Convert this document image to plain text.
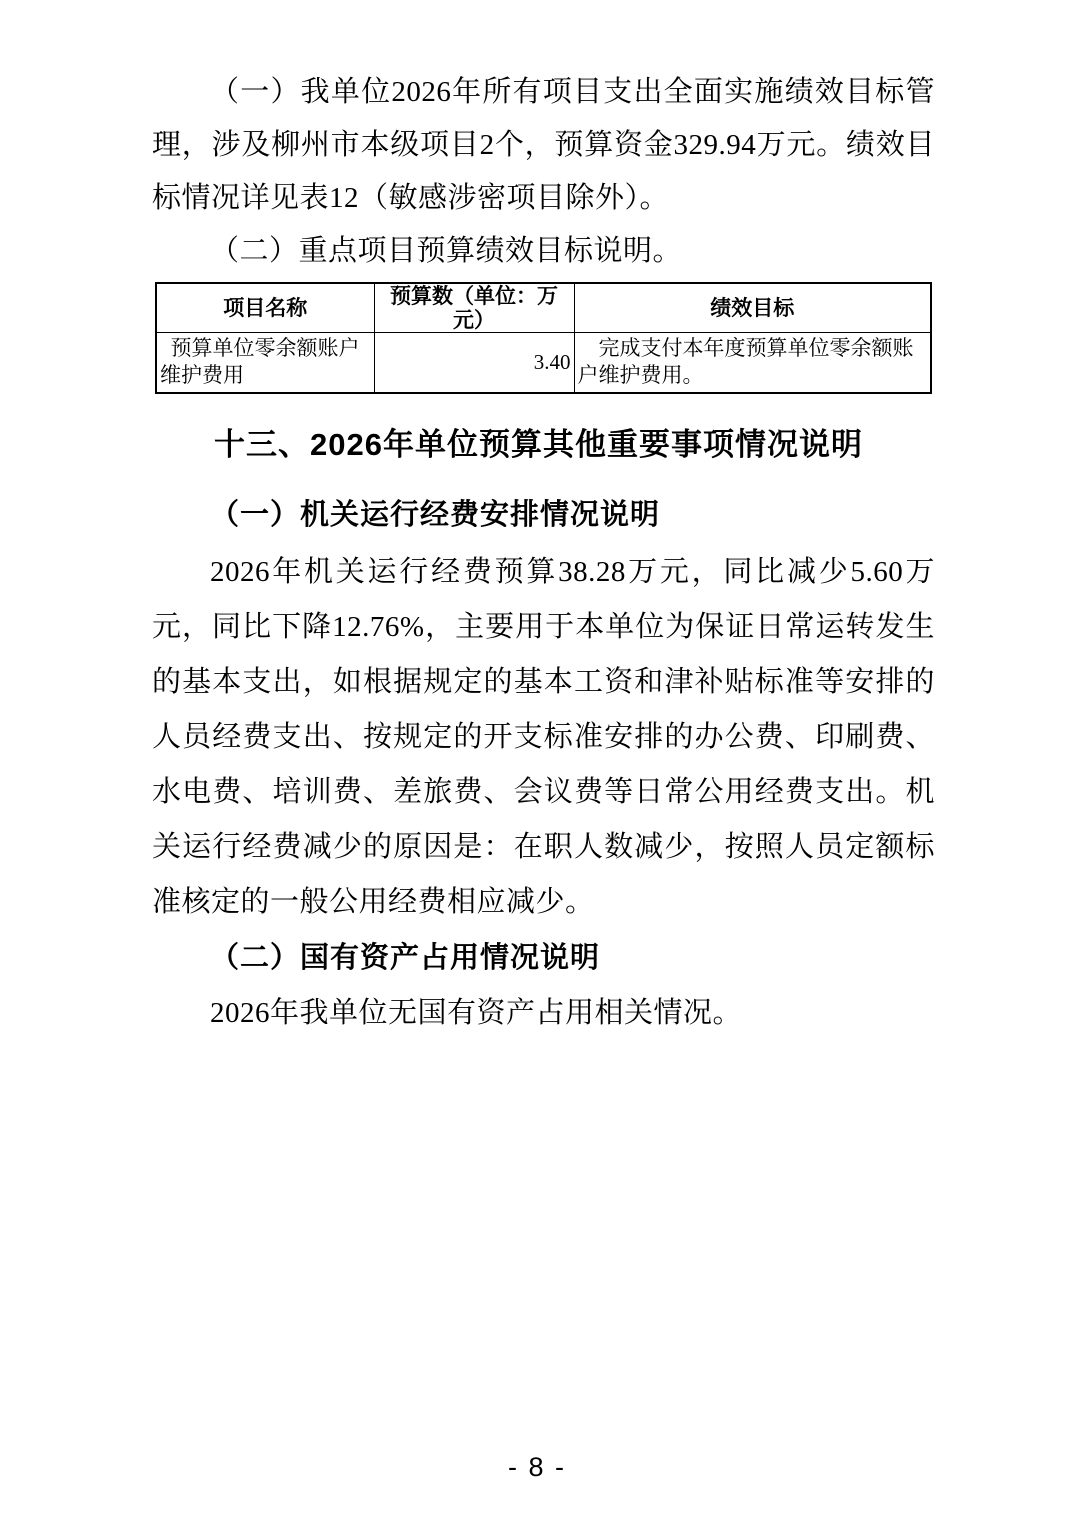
（一）我单位2026年所有项目支出全面实施绩效目标管理，涉及柳州市本级项目2个，预算资金329.94万元。绩效目标情况详见表12（敏感涉密项目除外）。

（二）重点项目预算绩效目标说明。

项目名称	预算数（单位：万元）	绩效目标
预算单位零余额账户维护费用	3.40	完成支付本年度预算单位零余额账户维护费用。
十三、2026年单位预算其他重要事项情况说明
（一）机关运行经费安排情况说明

2026年机关运行经费预算38.28万元，同比减少5.60万元，同比下降12.76%，主要用于本单位为保证日常运转发生的基本支出，如根据规定的基本工资和津补贴标准等安排的人员经费支出、按规定的开支标准安排的办公费、印刷费、水电费、培训费、差旅费、会议费等日常公用经费支出。机关运行经费减少的原因是：在职人数减少，按照人员定额标准核定的一般公用经费相应减少。

（二）国有资产占用情况说明

2026年我单位无国有资产占用相关情况。

- 8 -
